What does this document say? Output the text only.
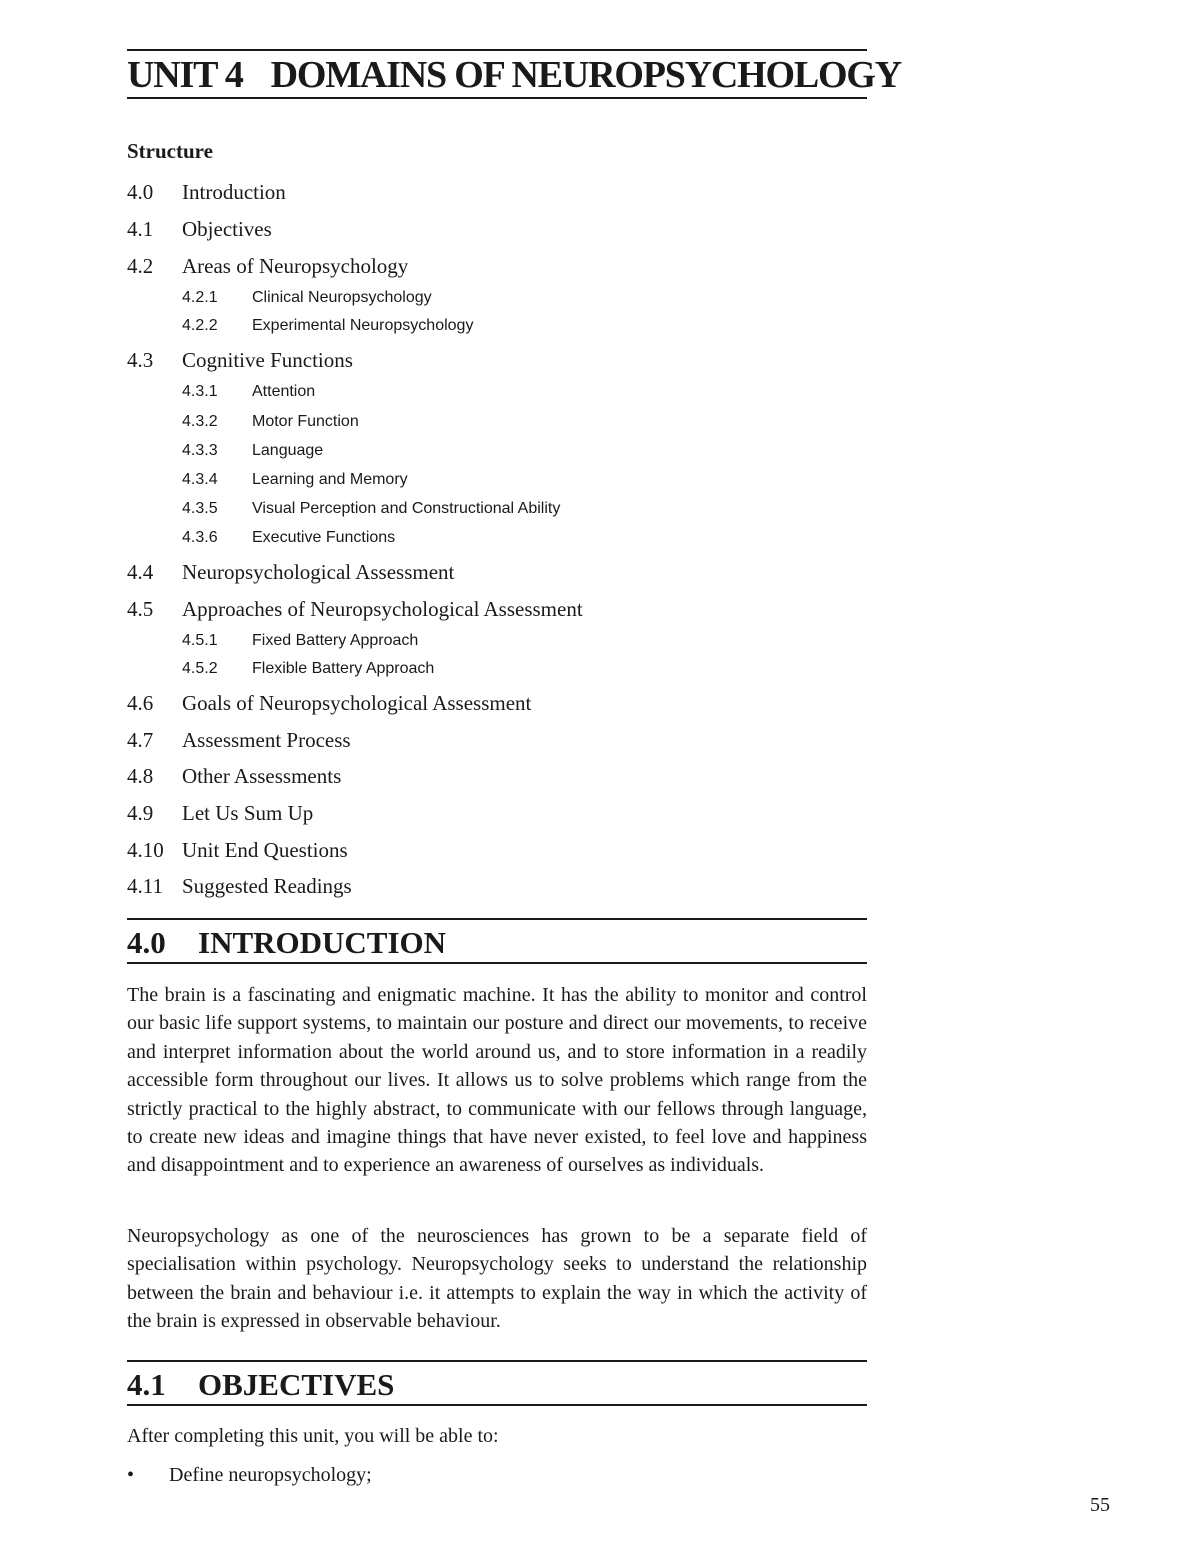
UNIT 4 DOMAINS OF NEUROPSYCHOLOGY
Structure
4.0 Introduction
4.1 Objectives
4.2 Areas of Neuropsychology
4.2.1 Clinical Neuropsychology
4.2.2 Experimental Neuropsychology
4.3 Cognitive Functions
4.3.1 Attention
4.3.2 Motor Function
4.3.3 Language
4.3.4 Learning and Memory
4.3.5 Visual Perception and Constructional Ability
4.3.6 Executive Functions
4.4 Neuropsychological Assessment
4.5 Approaches of Neuropsychological Assessment
4.5.1 Fixed Battery Approach
4.5.2 Flexible Battery Approach
4.6 Goals of Neuropsychological Assessment
4.7 Assessment Process
4.8 Other Assessments
4.9 Let Us Sum Up
4.10 Unit End Questions
4.11 Suggested Readings
4.0 INTRODUCTION
The brain is a fascinating and enigmatic machine. It has the ability to monitor and control our basic life support systems, to maintain our posture and direct our movements, to receive and interpret information about the world around us, and to store information in a readily accessible form throughout our lives. It allows us to solve problems which range from the strictly practical to the highly abstract, to communicate with our fellows through language, to create new ideas and imagine things that have never existed, to feel love and happiness and disappointment and to experience an awareness of ourselves as individuals.
Neuropsychology as one of the neurosciences has grown to be a separate field of specialisation within psychology. Neuropsychology seeks to understand the relationship between the brain and behaviour i.e. it attempts to explain the way in which the activity of the brain is expressed in observable behaviour.
4.1 OBJECTIVES
After completing this unit, you will be able to:
• Define neuropsychology;
55
